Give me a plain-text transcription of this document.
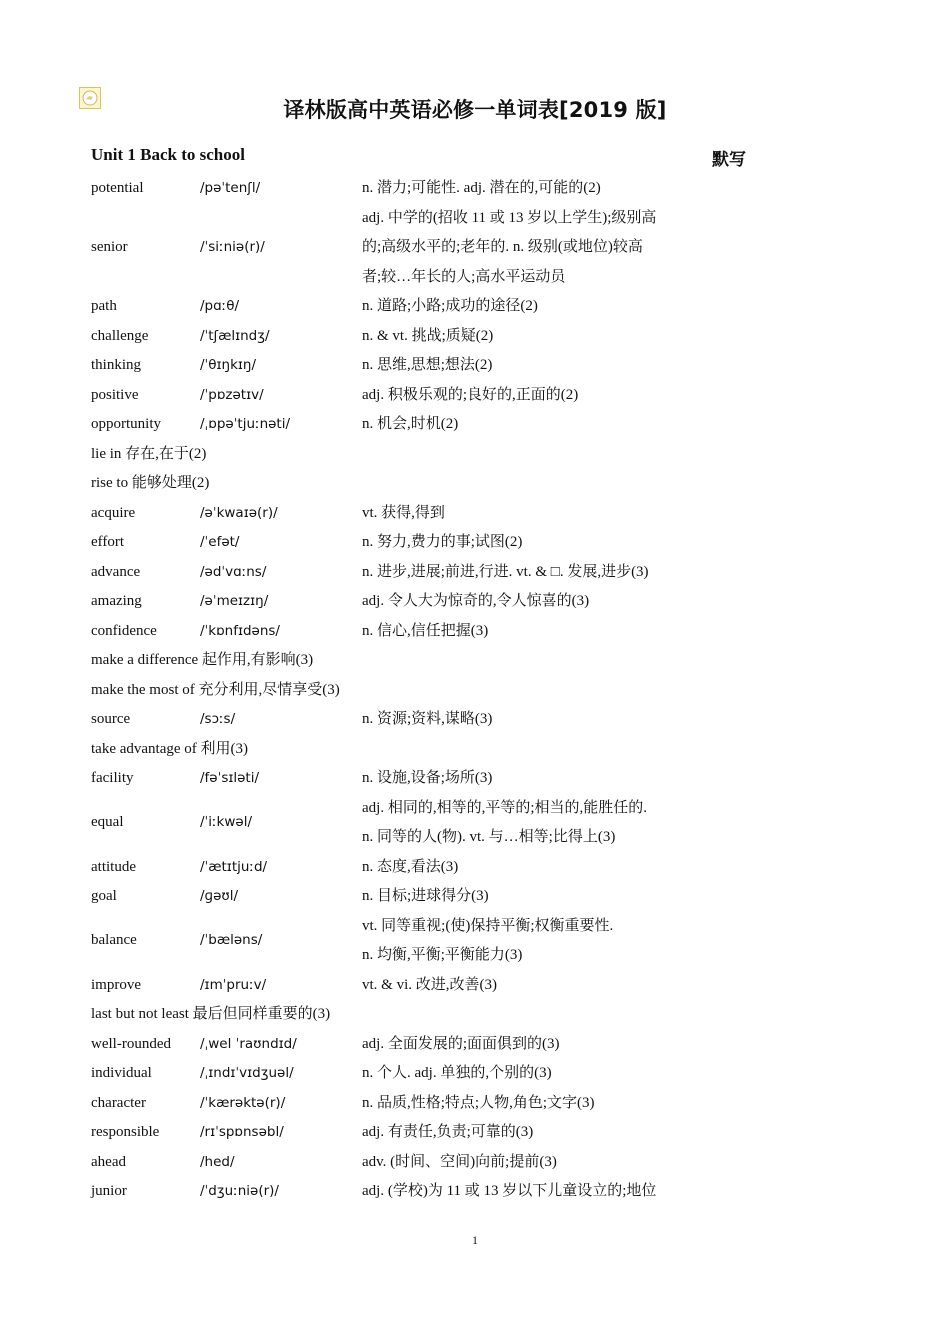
译林版高中英语必修一单词表[2019 版]
Unit 1 Back to school	默写
potential	/pəˈtenʃl/	n. 潜力;可能性. adj. 潜在的,可能的(2)
senior	/ˈsiːniə(r)/
adj. 中学的(招收 11 或 13 岁以上学生);级别高
的;高级水平的;老年的. n. 级别(或地位)较高
者;较…年长的人;高水平运动员
path	/pɑːθ/	n. 道路;小路;成功的途径(2)
challenge	/ˈtʃælɪndʒ/	n. & vt. 挑战;质疑(2)
thinking	/ˈθɪŋkɪŋ/	n. 思维,思想;想法(2)
positive	/ˈpɒzətɪv/	adj. 积极乐观的;良好的,正面的(2)
opportunity	/ˌɒpəˈtjuːnəti/	n. 机会,时机(2)
lie in 存在,在于(2)
rise to 能够处理(2)
acquire	/əˈkwaɪə(r)/	vt. 获得,得到
effort	/ˈefət/	n. 努力,费力的事;试图(2)
advance	/ədˈvɑːns/	n. 进步,进展;前进,行进. vt. & □. 发展,进步(3)
amazing	/əˈmeɪzɪŋ/	adj. 令人大为惊奇的,令人惊喜的(3)
confidence	/ˈkɒnfɪdəns/	n. 信心,信任把握(3)
make a difference 起作用,有影响(3)
make the most of 充分利用,尽情享受(3)
source	/sɔːs/	n. 资源;资料,谋略(3)
take advantage of 利用(3)
facility	/fəˈsɪləti/	n. 设施,设备;场所(3)
equal	/ˈiːkwəl/
adj. 相同的,相等的,平等的;相当的,能胜任的.
n. 同等的人(物). vt. 与…相等;比得上(3)
attitude	/ˈætɪtjuːd/	n. 态度,看法(3)
goal	/ɡəʊl/	n. 目标;进球得分(3)
balance	/ˈbæləns/
vt. 同等重视;(使)保持平衡;权衡重要性.
n. 均衡,平衡;平衡能力(3)
improve	/ɪmˈpruːv/	vt. & vi. 改进,改善(3)
last but not least 最后但同样重要的(3)
well-rounded	/ˌwel ˈraʊndɪd/	adj. 全面发展的;面面俱到的(3)
individual	/ˌɪndɪˈvɪdʒuəl/	n. 个人. adj. 单独的,个别的(3)
character	/ˈkærəktə(r)/	n. 品质,性格;特点;人物,角色;文字(3)
responsible	/rɪˈspɒnsəbl/	adj. 有责任,负责;可靠的(3)
ahead	/hed/	adv. (时间、空间)向前;提前(3)
junior	/ˈdʒuːniə(r)/	adj. (学校)为 11 或 13 岁以下儿童设立的;地位
1
